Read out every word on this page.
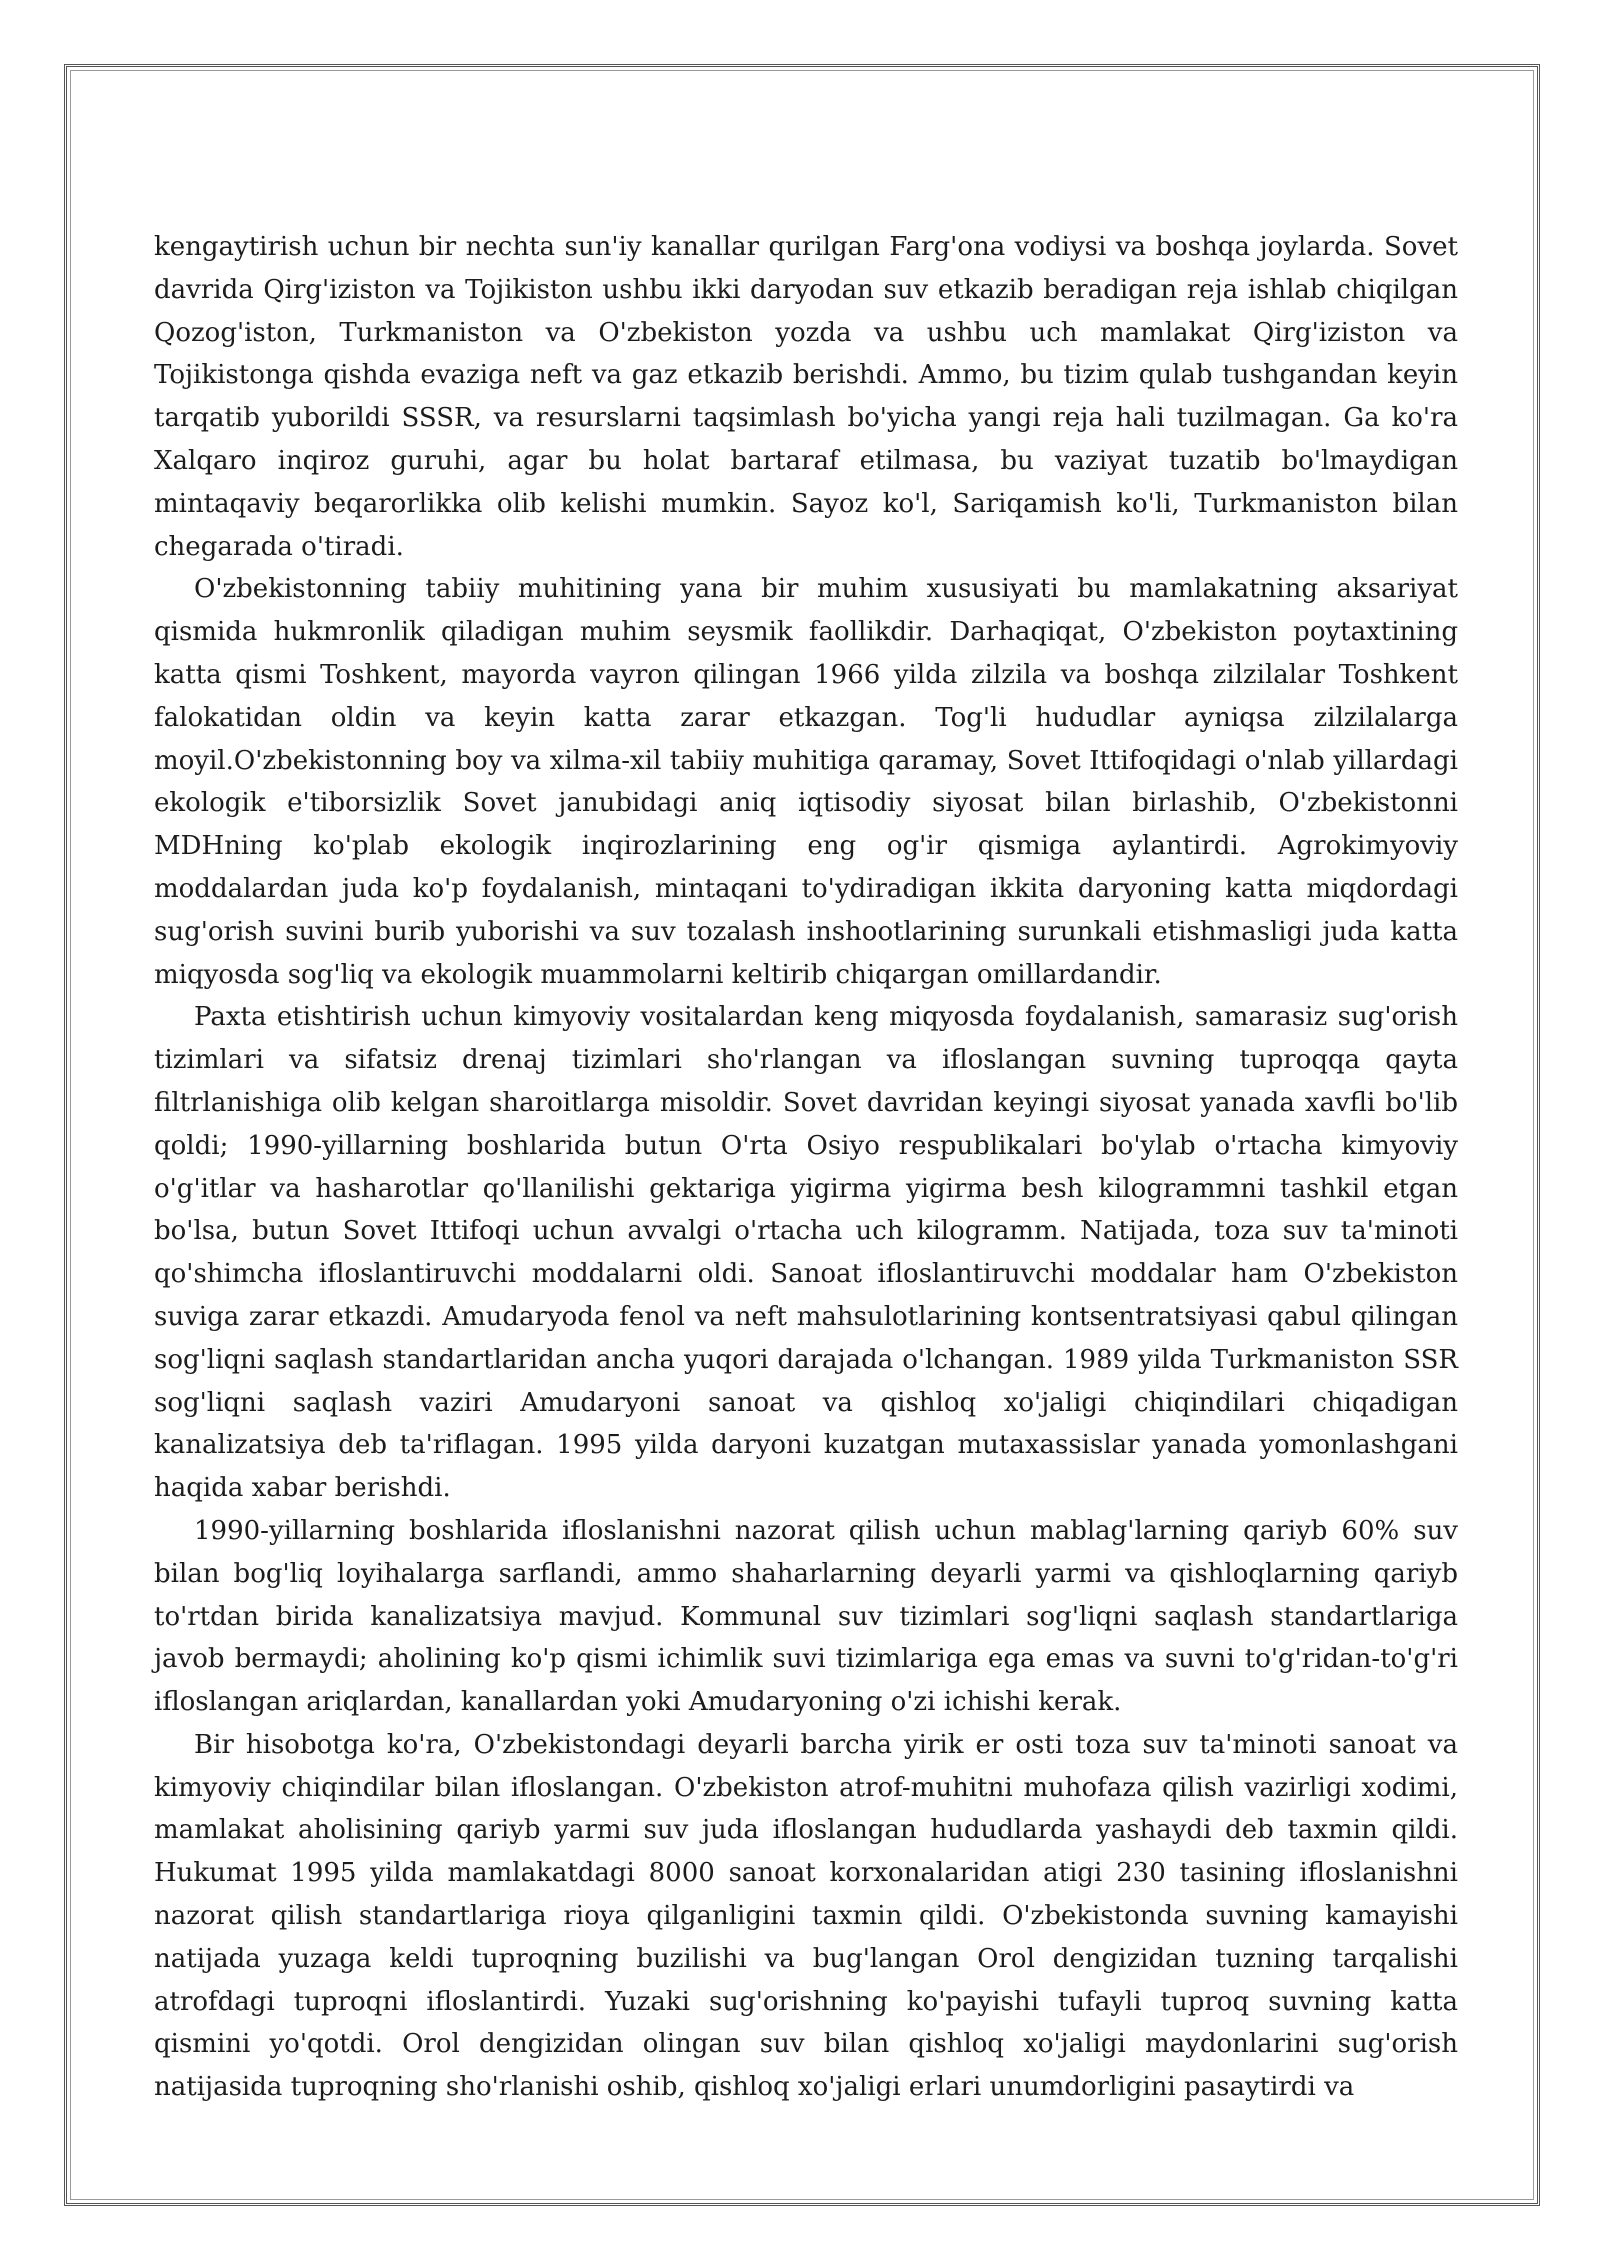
kengaytirish uchun bir nechta sun'iy kanallar qurilgan Farg'ona vodiysi va boshqa joylarda. Sovet davrida Qirg'iziston va Tojikiston ushbu ikki daryodan suv etkazib beradigan reja ishlab chiqilgan Qozog'iston, Turkmaniston va O'zbekiston yozda va ushbu uch mamlakat Qirg'iziston va Tojikistonga qishda evaziga neft va gaz etkazib berishdi. Ammo, bu tizim qulab tushgandan keyin tarqatib yuborildi SSSR, va resurslarni taqsimlash bo'yicha yangi reja hali tuzilmagan. Ga ko'ra Xalqaro inqiroz guruhi, agar bu holat bartaraf etilmasa, bu vaziyat tuzatib bo'lmaydigan mintaqaviy beqarorlikka olib kelishi mumkin. Sayoz ko'l, Sariqamish ko'li, Turkmaniston bilan chegarada o'tiradi.

O'zbekistonning tabiiy muhitining yana bir muhim xususiyati bu mamlakatning aksariyat qismida hukmronlik qiladigan muhim seysmik faollikdir. Darhaqiqat, O'zbekiston poytaxtining katta qismi Toshkent, mayorda vayron qilingan 1966 yilda zilzila va boshqa zilzilalar Toshkent falokatidan oldin va keyin katta zarar etkazgan. Tog'li hududlar ayniqsa zilzilalarga moyil.O'zbekistonning boy va xilma-xil tabiiy muhitiga qaramay, Sovet Ittifoqidagi o'nlab yillardagi ekologik e'tiborsizlik Sovet janubidagi aniq iqtisodiy siyosat bilan birlashib, O'zbekistonni MDHning ko'plab ekologik inqirozlarining eng og'ir qismiga aylantirdi. Agrokimyoviy moddalardan juda ko'p foydalanish, mintaqani to'ydiradigan ikkita daryoning katta miqdordagi sug'orish suvini burib yuborishi va suv tozalash inshootlarining surunkali etishmasligi juda katta miqyosda sog'liq va ekologik muammolarni keltirib chiqargan omillardandir.

Paxta etishtirish uchun kimyoviy vositalardan keng miqyosda foydalanish, samarasiz sug'orish tizimlari va sifatsiz drenaj tizimlari sho'rlangan va ifloslangan suvning tuproqqa qayta filtrlanishiga olib kelgan sharoitlarga misoldir. Sovet davridan keyingi siyosat yanada xavfli bo'lib qoldi; 1990-yillarning boshlarida butun O'rta Osiyo respublikalari bo'ylab o'rtacha kimyoviy o'g'itlar va hasharotlar qo'llanilishi gektariga yigirma yigirma besh kilogrammni tashkil etgan bo'lsa, butun Sovet Ittifoqi uchun avvalgi o'rtacha uch kilogramm. Natijada, toza suv ta'minoti qo'shimcha ifloslantiruvchi moddalarni oldi. Sanoat ifloslantiruvchi moddalar ham O'zbekiston suviga zarar etkazdi. Amudaryoda fenol va neft mahsulotlarining kontsentratsiyasi qabul qilingan sog'liqni saqlash standartlaridan ancha yuqori darajada o'lchangan. 1989 yilda Turkmaniston SSR sog'liqni saqlash vaziri Amudaryoni sanoat va qishloq xo'jaligi chiqindilari chiqadigan kanalizatsiya deb ta'riflagan. 1995 yilda daryoni kuzatgan mutaxassislar yanada yomonlashgani haqida xabar berishdi.

1990-yillarning boshlarida ifloslanishni nazorat qilish uchun mablag'larning qariyb 60% suv bilan bog'liq loyihalarga sarflandi, ammo shaharlarning deyarli yarmi va qishloqlarning qariyb to'rtdan birida kanalizatsiya mavjud. Kommunal suv tizimlari sog'liqni saqlash standartlariga javob bermaydi; aholining ko'p qismi ichimlik suvi tizimlariga ega emas va suvni to'g'ridan-to'g'ri ifloslangan ariqlardan, kanallardan yoki Amudaryoning o'zi ichishi kerak.

Bir hisobotga ko'ra, O'zbekistondagi deyarli barcha yirik er osti toza suv ta'minoti sanoat va kimyoviy chiqindilar bilan ifloslangan. O'zbekiston atrof-muhitni muhofaza qilish vazirligi xodimi, mamlakat aholisining qariyb yarmi suv juda ifloslangan hududlarda yashaydi deb taxmin qildi. Hukumat 1995 yilda mamlakatdagi 8000 sanoat korxonalaridan atigi 230 tasining ifloslanishni nazorat qilish standartlariga rioya qilganligini taxmin qildi. O'zbekistonda suvning kamayishi natijada yuzaga keldi tuproqning buzilishi va bug'langan Orol dengizidan tuzning tarqalishi atrofdagi tuproqni ifloslantirdi. Yuzaki sug'orishning ko'payishi tufayli tuproq suvning katta qismini yo'qotdi. Orol dengizidan olingan suv bilan qishloq xo'jaligi maydonlarini sug'orish natijasida tuproqning sho'rlanishi oshib, qishloq xo'jaligi erlari unumdorligini pasaytirdi va
